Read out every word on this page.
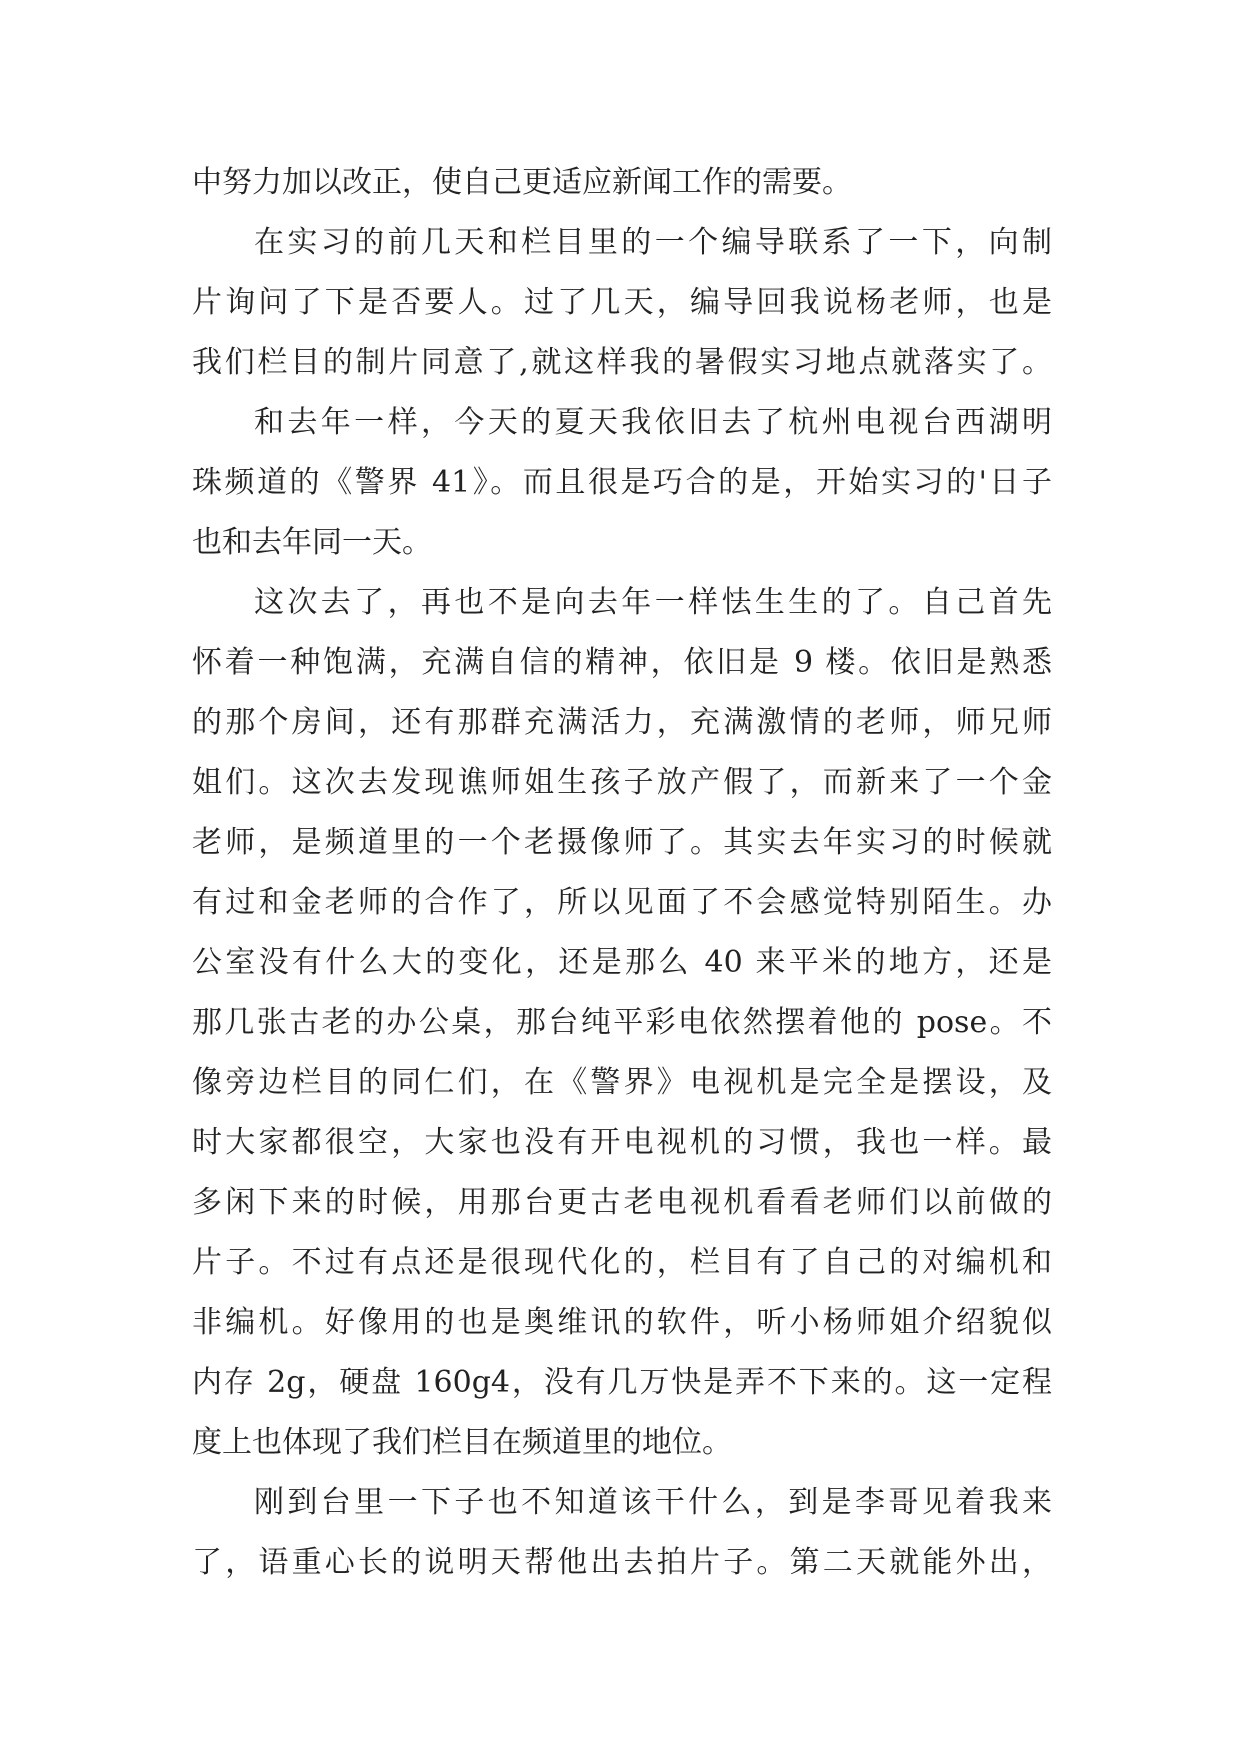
中努力加以改正，使自己更适应新闻工作的需要。
在实习的前几天和栏目里的一个编导联系了一下，向制
片询问了下是否要人。过了几天，编导回我说杨老师，也是
我们栏目的制片同意了,就这样我的暑假实习地点就落实了。
和去年一样，今天的夏天我依旧去了杭州电视台西湖明
珠频道的《警界 41》。而且很是巧合的是，开始实习的'日子
也和去年同一天。
这次去了，再也不是向去年一样怯生生的了。自己首先
怀着一种饱满，充满自信的精神，依旧是 9 楼。依旧是熟悉
的那个房间，还有那群充满活力，充满激情的老师，师兄师
姐们。这次去发现谯师姐生孩子放产假了，而新来了一个金
老师，是频道里的一个老摄像师了。其实去年实习的时候就
有过和金老师的合作了，所以见面了不会感觉特别陌生。办
公室没有什么大的变化，还是那么 40 来平米的地方，还是
那几张古老的办公桌，那台纯平彩电依然摆着他的 pose。不
像旁边栏目的同仁们，在《警界》电视机是完全是摆设，及
时大家都很空，大家也没有开电视机的习惯，我也一样。最
多闲下来的时候，用那台更古老电视机看看老师们以前做的
片子。不过有点还是很现代化的，栏目有了自己的对编机和
非编机。好像用的也是奥维讯的软件，听小杨师姐介绍貌似
内存 2g，硬盘 160g4，没有几万快是弄不下来的。这一定程
度上也体现了我们栏目在频道里的地位。
刚到台里一下子也不知道该干什么，到是李哥见着我来
了，语重心长的说明天帮他出去拍片子。第二天就能外出，
